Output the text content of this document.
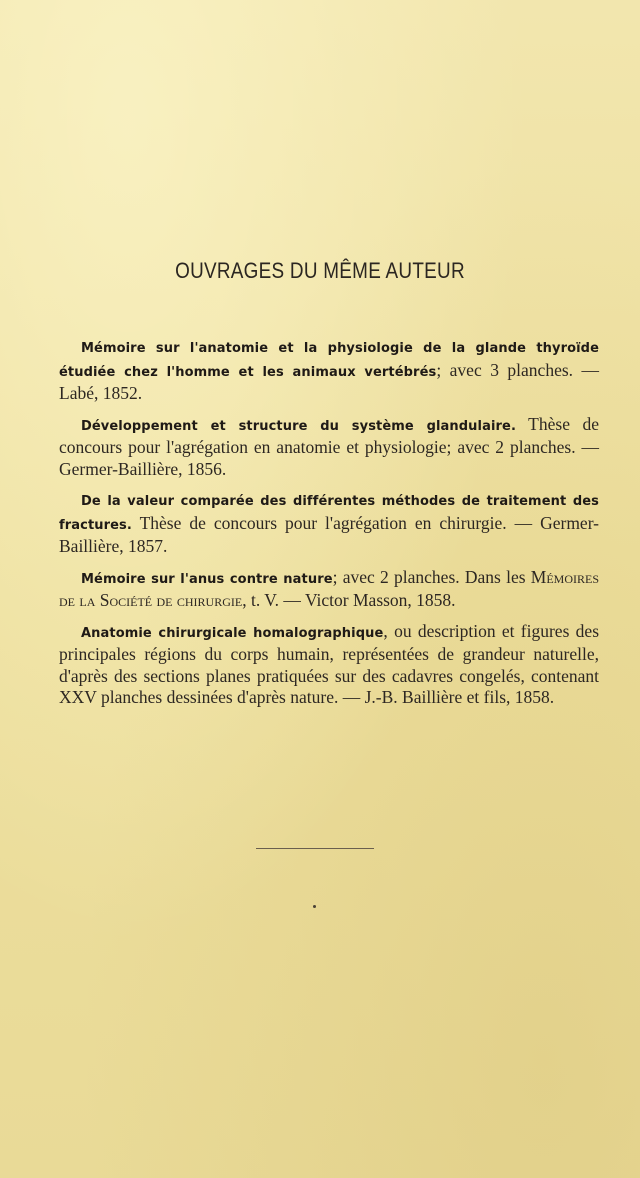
OUVRAGES DU MÊME AUTEUR

Mémoire sur l'anatomie et la physiologie de la glande thyroïde étudiée chez l'homme et les animaux vertébrés; avec 3 planches. — Labé, 1852.

Développement et structure du système glandulaire. Thèse de concours pour l'agrégation en anatomie et physiologie; avec 2 planches. — Germer-Baillière, 1856.

De la valeur comparée des différentes méthodes de traitement des fractures. Thèse de concours pour l'agrégation en chirurgie. — Germer-Baillière, 1857.

Mémoire sur l'anus contre nature; avec 2 planches. Dans les Mémoires de la Société de chirurgie, t. V. — Victor Masson, 1858.

Anatomie chirurgicale homalographique, ou description et figures des principales régions du corps humain, représentées de grandeur naturelle, d'après des sections planes pratiquées sur des cadavres congelés, contenant XXV planches dessinées d'après nature. — J.-B. Baillière et fils, 1858.
